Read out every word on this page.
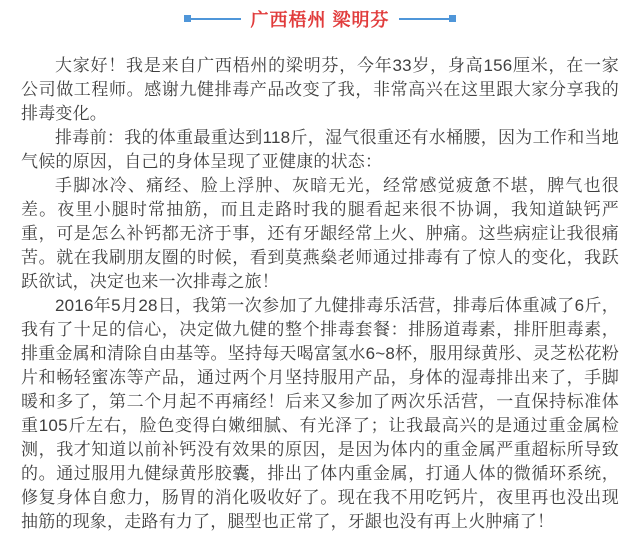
广西梧州 梁明芬

大家好！我是来自广西梧州的梁明芬，今年33岁，身高156厘米，在一家公司做工程师。感谢九健排毒产品改变了我，非常高兴在这里跟大家分享我的排毒变化。

排毒前：我的体重最重达到118斤，湿气很重还有水桶腰，因为工作和当地气候的原因，自己的身体呈现了亚健康的状态：

手脚冰冷、痛经、脸上浮肿、灰暗无光，经常感觉疲惫不堪，脾气也很差。夜里小腿时常抽筋，而且走路时我的腿看起来很不协调，我知道缺钙严重，可是怎么补钙都无济于事，还有牙龈经常上火、肿痛。这些病症让我很痛苦。就在我刷朋友圈的时候，看到莫燕燊老师通过排毒有了惊人的变化，我跃跃欲试，决定也来一次排毒之旅！

2016年5月28日，我第一次参加了九健排毒乐活营，排毒后体重减了6斤，我有了十足的信心，决定做九健的整个排毒套餐：排肠道毒素，排肝胆毒素，排重金属和清除自由基等。坚持每天喝富氢水6~8杯，服用绿黄彤、灵芝松花粉片和畅轻蜜冻等产品，通过两个月坚持服用产品，身体的湿毒排出来了，手脚暖和多了，第二个月起不再痛经！后来又参加了两次乐活营，一直保持标准体重105斤左右，脸色变得白嫩细腻、有光泽了；让我最高兴的是通过重金属检测，我才知道以前补钙没有效果的原因，是因为体内的重金属严重超标所导致的。通过服用九健绿黄彤胶囊，排出了体内重金属，打通人体的微循环系统，修复身体自愈力，肠胃的消化吸收好了。现在我不用吃钙片，夜里再也没出现抽筋的现象，走路有力了，腿型也正常了，牙龈也没有再上火肿痛了！
